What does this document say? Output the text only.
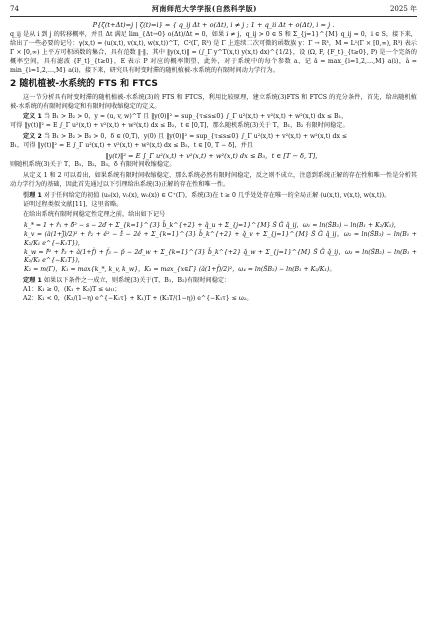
74	河南师范大学学报(自然科学版)	2025 年
P{ζ(t+Δt)=j | ζ(t)=i} = { q_ij Δt + o(Δt), i ≠ j ; 1 + q_ii Δt + o(Δt), i = j .

q_ij 是从 i 到 j 的转移概率，并且 Δt 满足 lim_{Δt→0} o(Δt)/Δt = 0，如果 i ≠ j，q_ij > 0 ∈ S 和 Σ_{j=1}^{M} q_ij = 0，i ∈ S，接下来，给出了一些必要的记号：γ(x,t) = (u(x,t), v(x,t), w(x,t))^T，C²(Γ, R³) 是 Γ 上连续二次可微的函数族 y：Γ → R³，M = L¹(Γ × [0,∞), R³) 表示 Γ × [0,∞) 上平方可积函数的集合，具有范数 ‖·‖，其中 ‖y(x,t)‖ = (∫_Γ y^T(x,t) y(x,t) dx)^{1/2}，设 (Ω, F, {F_t}_{t≥0}, P) 是一个完备的概率空间，具有滤波 {F_t}_{t≥0}，E 表示 P 对应的概率期望，此外，对于系统中的每个参数 a，记 ǎ = max_{i=1,2,…,M} a(i)，â = min_{i=1,2,…,M} a(i)，接下来，研究具有时变时滞的随机植被-水系统的有限时间动力学行为。

2 随机植被-水系统的 FTS 和 FTCS

这一节分析具有时变时滞的随机植被-水系统(3)的 FTS 和 FTCS，利用比较原理，建立系统(3)FTS 和 FTCS 的充分条件，首先，给出随机植被-水系统的有限时间稳定和有限时间收缩稳定的定义。

定义 1 当 B₁ > B₂ > 0，y = (u, v, w)^T 且 ‖y(0)‖² = sup_{τ≤s≤0} ∫_Γ u²(x,t) + v²(x,t) + w²(x,t) dx ≤ B₁，

可得 ‖y(t)‖² = E ∫_Γ u²(x,t) + v²(x,t) + w²(x,t) dx ≤ B₂，t ∈ [0,T]，那么随机系统(3)关于 T，B₁，B₂ 有限时间稳定。

定义 2 当 B₁ > B₂ > B₃ > 0，δ ∈ (0,T)，y(0) 且 ‖y(0)‖² = sup_{τ≤s≤0} ∫_Γ u²(x,t) + v²(x,t) + w²(x,t) dx ≤

B₁，可得 ‖y(t)‖² = E ∫_Γ u²(x,t) + v²(x,t) + w²(x,t) dx ≤ B₂，t ∈ [0, T − δ]，并且

‖y(t)‖² = E ∫_Γ u²(x,t) + v²(x,t) + w²(x,t) dx ≤ B₃，t ∈ [T − δ, T]，

则随机系统(3)关于 T，B₁，B₂，B₃，δ 有限时间收缩稳定。

从定义 1 和 2 可以看出，如果系统有限时间收缩稳定，那么系统必然有限时间稳定，反之则不成立，注意到系统正解的存在性和唯一性是分析其动力学行为的基础，因此首先通过以下引理给出系统(3)正解的存在性和唯一性。

引理 1 对于任何给定的初值 (u₀(x), v₀(x), w₀(x)) ∈ C⁺(Γ)，系统(3)在 t ≥ 0 几乎处处存在唯一的全局正解 (u(x,t), v(x,t), w(x,t))。

证明过程类似文献[11]，这里省略。

在给出系统有限时间稳定性定理之前，给出如下记号

k_* = 1 + ř₁ + δ̌² − s − 2ď + Σ_{k=1}^{3} b̌_k^{+2} + q̌_u + Σ_{j=1}^{M} Š Ǧ q̌_ij，ω₁ = ln(ŠB₂) − ln(B₁ + K₂/K₁)，

k_v = (ǎ(1+ĵ̌)/2)² + ř₂ + ě² − ž̌ − 2ě + Σ_{k=1}^{3} b̌_k^{+2} + q̌_v + Σ_{j=1}^{M} Š Ǧ q̌_ij，ω₂ = ln(ŠB₃) − ln(B₁ + K₂/K₁ e^{−K₁T})，

k_w = ř̌² + ř̌₃ + ǎ(1+f̌) + f̌₃ − p̌ − 2ď_w + Σ_{k=1}^{3} b̌_k^{+2} q̌_w + Σ_{j=1}^{M} Š Ǧ q̌_ij，ω₃ = ln(ŠB₂) − ln(B₁ + K₂/K₁ e^{−K₁T})，

K₂ = m(Γ)，K₁ = max{k_*, k_v, k_w}，K₃ = max_{x∈Γ} (ǎ(1+f̌)/2)²，ω₄ = ln(ŠB₂) − ln(B₁ + K₂/K₁)。

定理 1 如果以下条件之一成立，则系统(3)关于(T，B₁，B₂)有限时间稳定：

A1：K₁ ≥ 0，(K₁ + K₃)T ≤ ω₁ₗ；

A2：K₁ < 0，(K₃/(1−η) e^{−K₁τ} + K₁)T + (K₃T/(1−η)) e^{−K₁τ} ≤ ω₂。
